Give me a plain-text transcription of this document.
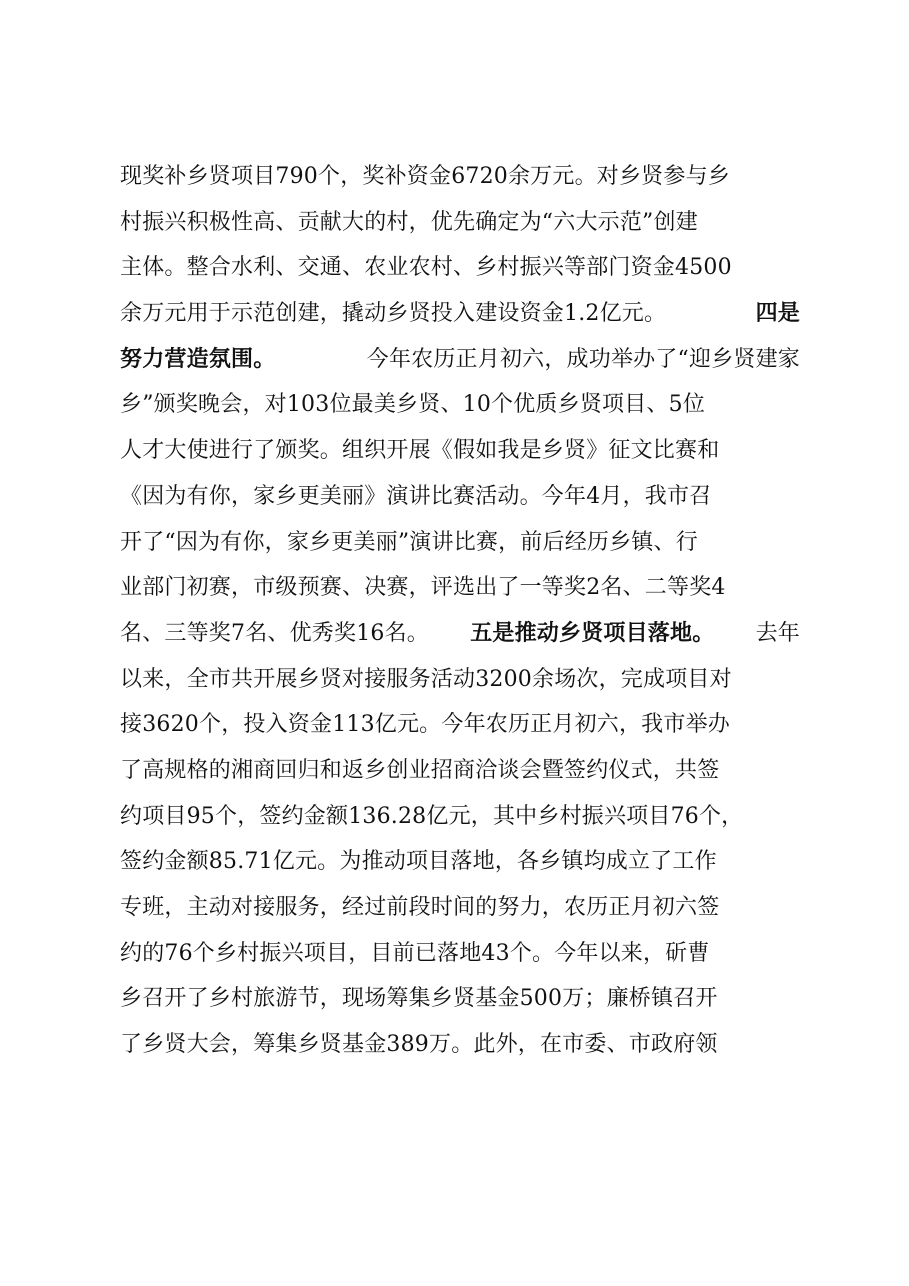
现奖补乡贤项目790个，奖补资金6720余万元。对乡贤参与乡
村振兴积极性高、贡献大的村，优先确定为“六大示范”创建
主体。整合水利、交通、农业农村、乡村振兴等部门资金4500
余万元用于示范创建，撬动乡贤投入建设资金1.2亿元。	四是
努力营造氛围。	今年农历正月初六，成功举办了“迎乡贤建家
乡”颁奖晚会，对103位最美乡贤、10个优质乡贤项目、5位
人才大使进行了颁奖。组织开展《假如我是乡贤》征文比赛和
《因为有你，家乡更美丽》演讲比赛活动。今年4月，我市召
开了“因为有你，家乡更美丽”演讲比赛，前后经历乡镇、行
业部门初赛，市级预赛、决赛，评选出了一等奖2名、二等奖4
名、三等奖7名、优秀奖16名。 五是推动乡贤项目落地。 去年
以来，全市共开展乡贤对接服务活动3200余场次，完成项目对
接3620个，投入资金113亿元。今年农历正月初六，我市举办
了高规格的湘商回归和返乡创业招商洽谈会暨签约仪式，共签
约项目95个，签约金额136.28亿元，其中乡村振兴项目76个，
签约金额85.71亿元。为推动项目落地，各乡镇均成立了工作
专班，主动对接服务，经过前段时间的努力，农历正月初六签
约的76个乡村振兴项目，目前已落地43个。今年以来，斫曹
乡召开了乡村旅游节，现场筹集乡贤基金500万；廉桥镇召开
了乡贤大会，筹集乡贤基金389万。此外，在市委、市政府领
